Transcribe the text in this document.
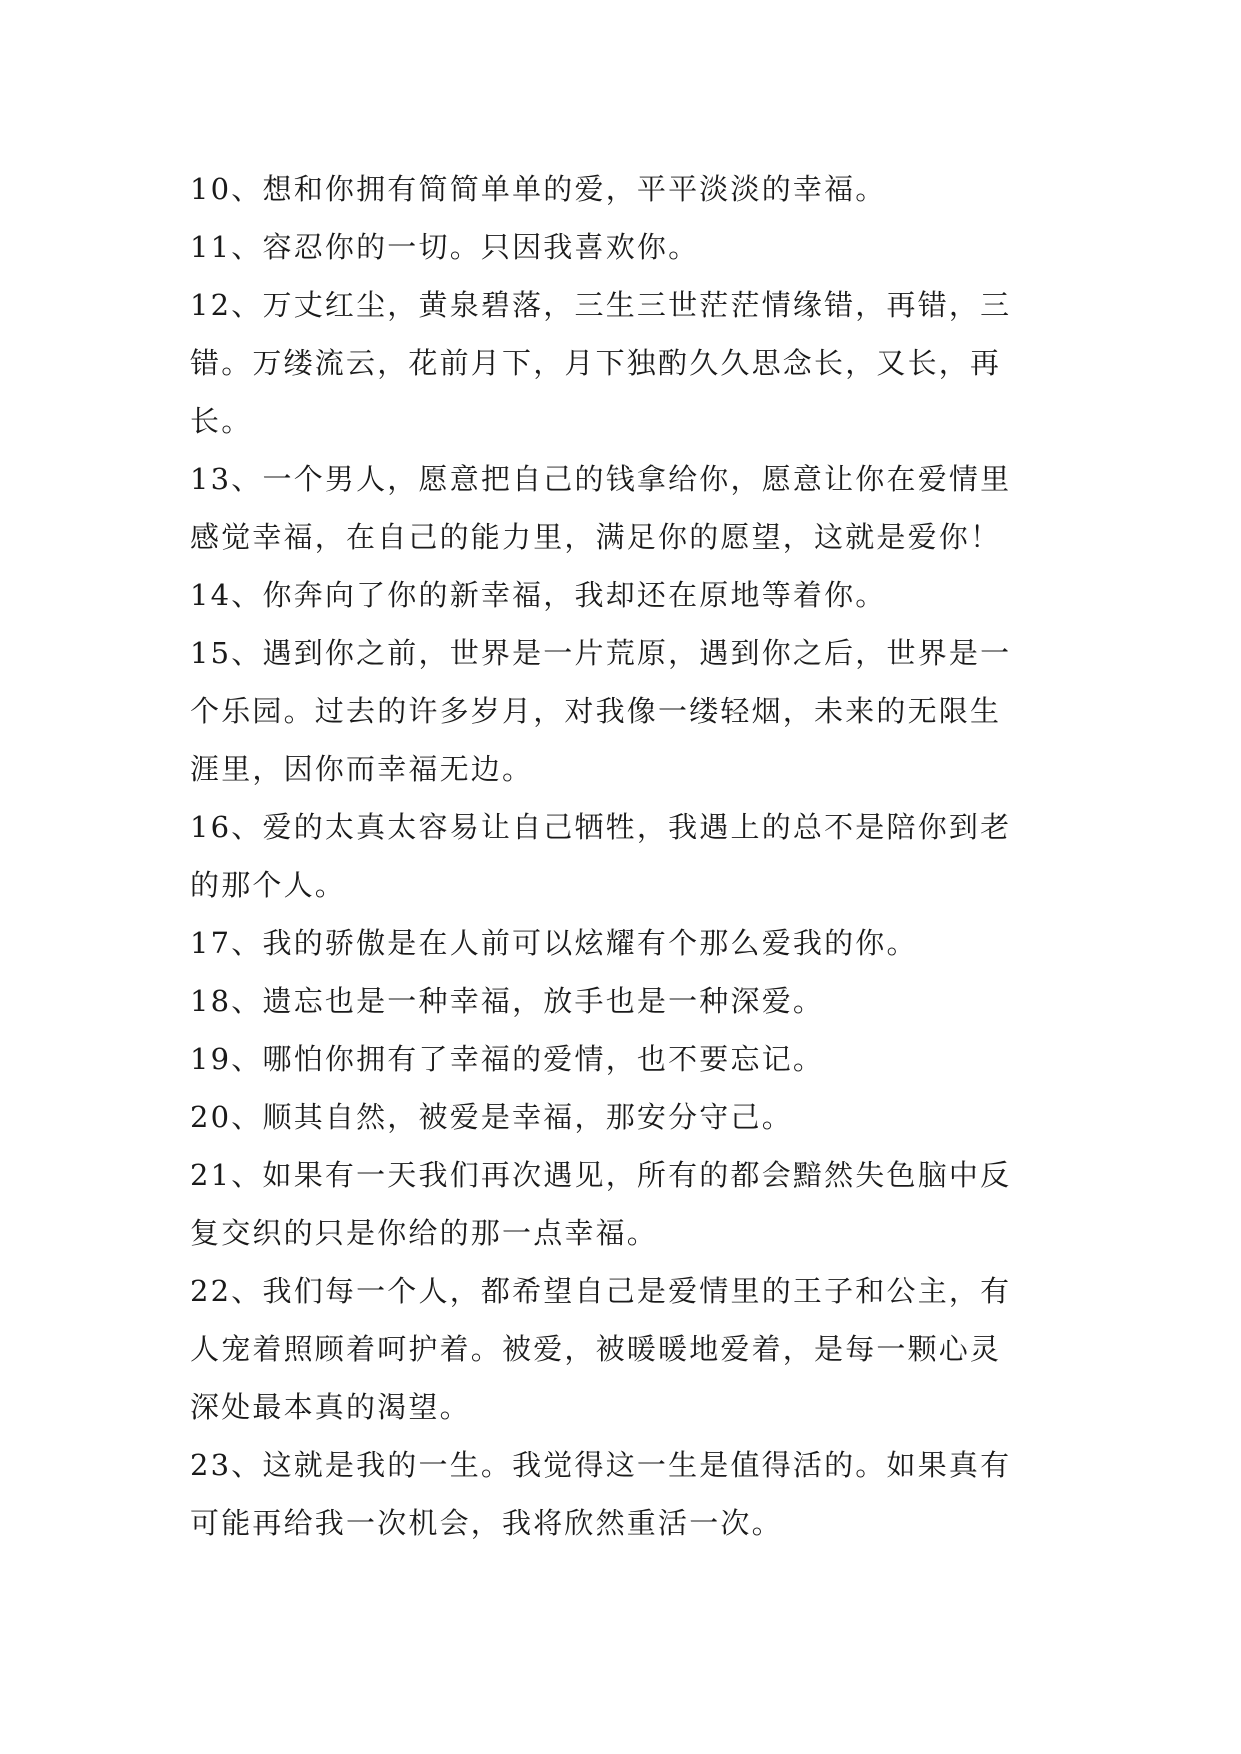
10、想和你拥有简简单单的爱，平平淡淡的幸福。
11、容忍你的一切。只因我喜欢你。
12、万丈红尘，黄泉碧落，三生三世茫茫情缘错，再错，三
错。万缕流云，花前月下，月下独酌久久思念长，又长，再
长。
13、一个男人，愿意把自己的钱拿给你，愿意让你在爱情里
感觉幸福，在自己的能力里，满足你的愿望，这就是爱你！
14、你奔向了你的新幸福，我却还在原地等着你。
15、遇到你之前，世界是一片荒原，遇到你之后，世界是一
个乐园。过去的许多岁月，对我像一缕轻烟，未来的无限生
涯里，因你而幸福无边。
16、爱的太真太容易让自己牺牲，我遇上的总不是陪你到老
的那个人。
17、我的骄傲是在人前可以炫耀有个那么爱我的你。
18、遗忘也是一种幸福，放手也是一种深爱。
19、哪怕你拥有了幸福的爱情，也不要忘记。
20、顺其自然，被爱是幸福，那安分守己。
21、如果有一天我们再次遇见，所有的都会黯然失色脑中反
复交织的只是你给的那一点幸福。
22、我们每一个人，都希望自己是爱情里的王子和公主，有
人宠着照顾着呵护着。被爱，被暖暖地爱着，是每一颗心灵
深处最本真的渴望。
23、这就是我的一生。我觉得这一生是值得活的。如果真有
可能再给我一次机会，我将欣然重活一次。
